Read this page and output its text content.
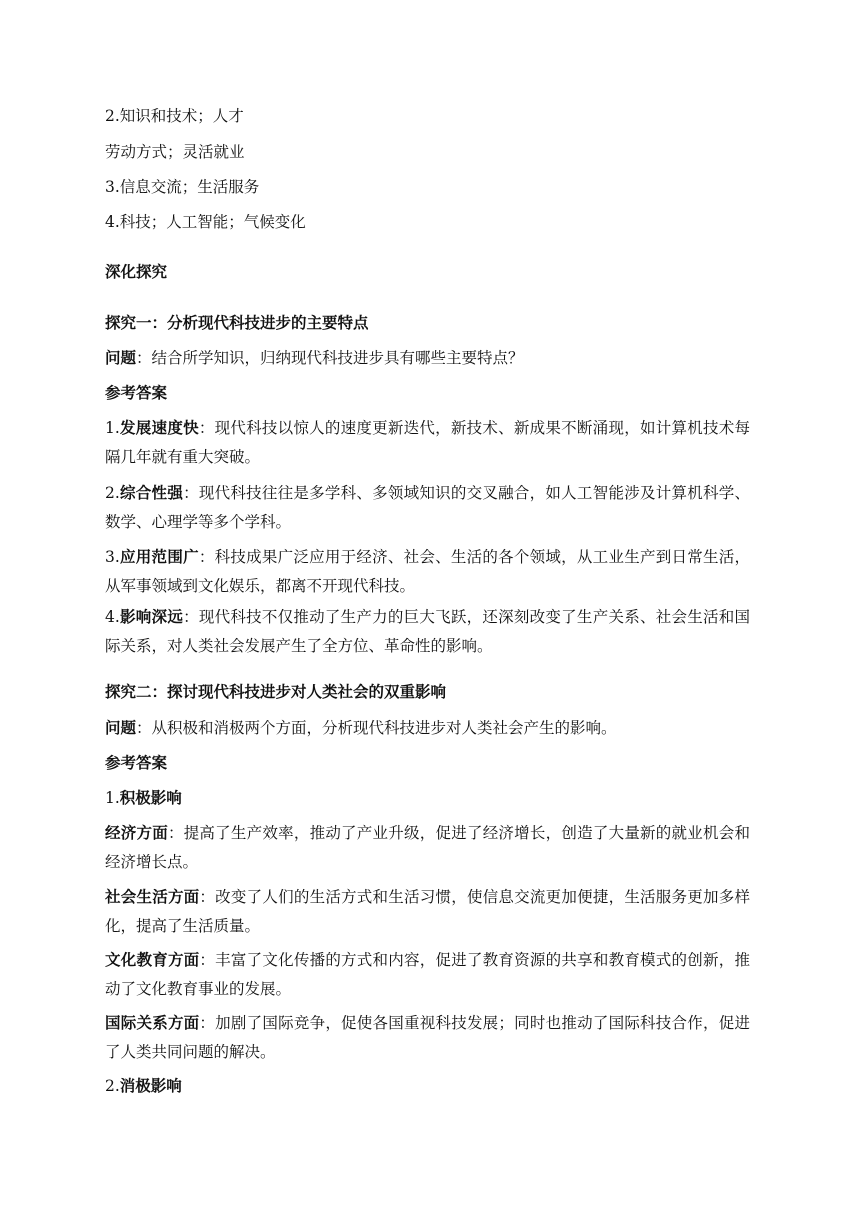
2.知识和技术；人才
劳动方式；灵活就业
3.信息交流；生活服务
4.科技；人工智能；气候变化
深化探究
探究一：分析现代科技进步的主要特点
问题：结合所学知识，归纳现代科技进步具有哪些主要特点？
参考答案
1.发展速度快：现代科技以惊人的速度更新迭代，新技术、新成果不断涌现，如计算机技术每隔几年就有重大突破。
2.综合性强：现代科技往往是多学科、多领域知识的交叉融合，如人工智能涉及计算机科学、数学、心理学等多个学科。
3.应用范围广：科技成果广泛应用于经济、社会、生活的各个领域，从工业生产到日常生活，从军事领域到文化娱乐，都离不开现代科技。
4.影响深远：现代科技不仅推动了生产力的巨大飞跃，还深刻改变了生产关系、社会生活和国际关系，对人类社会发展产生了全方位、革命性的影响。
探究二：探讨现代科技进步对人类社会的双重影响
问题：从积极和消极两个方面，分析现代科技进步对人类社会产生的影响。
参考答案
1.积极影响
经济方面：提高了生产效率，推动了产业升级，促进了经济增长，创造了大量新的就业机会和经济增长点。
社会生活方面：改变了人们的生活方式和生活习惯，使信息交流更加便捷，生活服务更加多样化，提高了生活质量。
文化教育方面：丰富了文化传播的方式和内容，促进了教育资源的共享和教育模式的创新，推动了文化教育事业的发展。
国际关系方面：加剧了国际竞争，促使各国重视科技发展；同时也推动了国际科技合作，促进了人类共同问题的解决。
2.消极影响
